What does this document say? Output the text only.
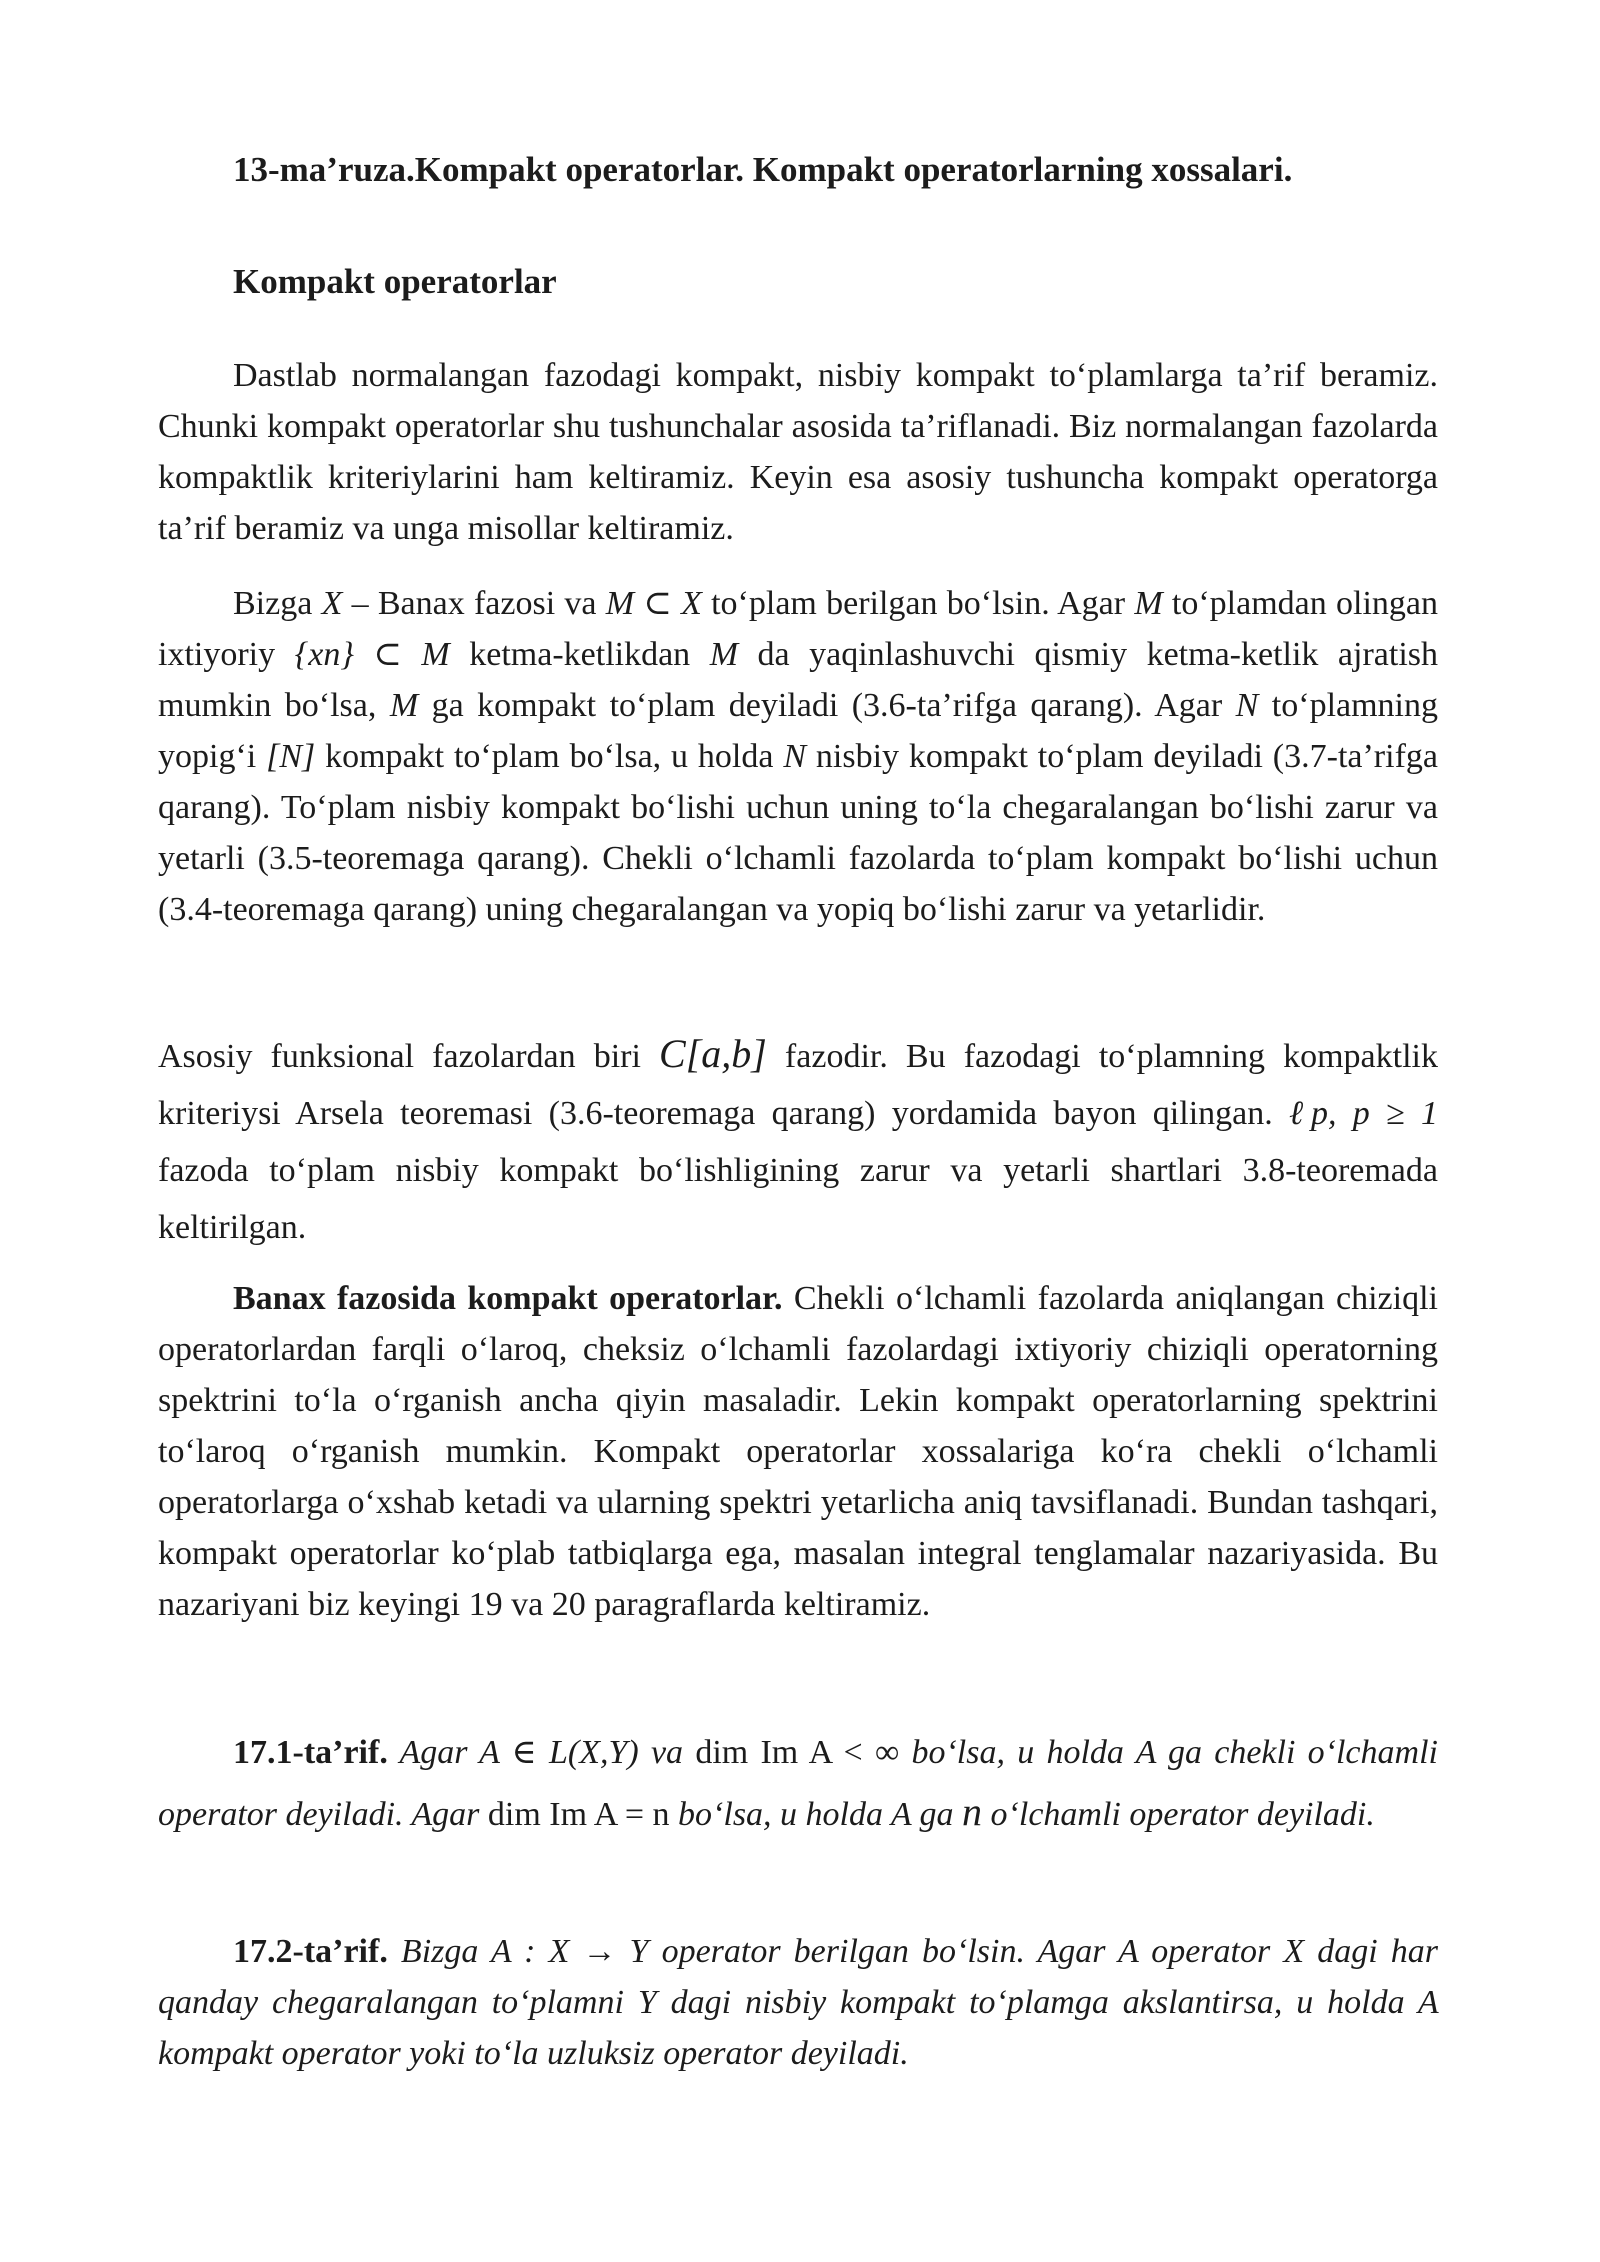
13-ma’ruza.Kompakt operatorlar. Kompakt operatorlarning xossalari.
Kompakt operatorlar

Dastlab normalangan fazodagi kompakt, nisbiy kompakt to‘plamlarga ta’rif beramiz. Chunki kompakt operatorlar shu tushunchalar asosida ta’riflanadi. Biz normalangan fazolarda kompaktlik kriteriylarini ham keltiramiz. Keyin esa asosiy tushuncha kompakt operatorga ta’rif beramiz va unga misollar keltiramiz.

Bizga X – Banax fazosi va M ⊂ X to‘plam berilgan bo‘lsin. Agar M to‘plamdan olingan ixtiyoriy {xn} ⊂ M ketma-ketlikdan M da yaqinlashuvchi qismiy ketma-ketlik ajratish mumkin bo‘lsa, M ga kompakt to‘plam deyiladi (3.6-ta’rifga qarang). Agar N to‘plamning yopig‘i [N] kompakt to‘plam bo‘lsa, u holda N nisbiy kompakt to‘plam deyiladi (3.7-ta’rifga qarang). To‘plam nisbiy kompakt bo‘lishi uchun uning to‘la chegaralangan bo‘lishi zarur va yetarli (3.5-teoremaga qarang). Chekli o‘lchamli fazolarda to‘plam kompakt bo‘lishi uchun (3.4-teoremaga qarang) uning chegaralangan va yopiq bo‘lishi zarur va yetarlidir.

Asosiy funksional fazolardan biri C[a,b] fazodir. Bu fazodagi to‘plamning kompaktlik kriteriysi Arsela teoremasi (3.6-teoremaga qarang) yordamida bayon qilingan. ℓp, p ≥ 1 fazoda to‘plam nisbiy kompakt bo‘lishligining zarur va yetarli shartlari 3.8-teoremada keltirilgan.

Banax fazosida kompakt operatorlar. Chekli o‘lchamli fazolarda aniqlangan chiziqli operatorlardan farqli o‘laroq, cheksiz o‘lchamli fazolardagi ixtiyoriy chiziqli operatorning spektrini to‘la o‘rganish ancha qiyin masaladir. Lekin kompakt operatorlarning spektrini to‘laroq o‘rganish mumkin. Kompakt operatorlar xossalariga ko‘ra chekli o‘lchamli operatorlarga o‘xshab ketadi va ularning spektri yetarlicha aniq tavsiflanadi. Bundan tashqari, kompakt operatorlar ko‘plab tatbiqlarga ega, masalan integral tenglamalar nazariyasida. Bu nazariyani biz keyingi 19 va 20 paragraflarda keltiramiz.

17.1-ta’rif. Agar A ∈ L(X,Y) va dim Im A < ∞ bo‘lsa, u holda A ga chekli o‘lchamli operator deyiladi. Agar dim Im A = n bo‘lsa, u holda A ga n o‘lchamli operator deyiladi.

17.2-ta’rif. Bizga A : X → Y operator berilgan bo‘lsin. Agar A operator X dagi har qanday chegaralangan to‘plamni Y dagi nisbiy kompakt to‘plamga akslantirsa, u holda A kompakt operator yoki to‘la uzluksiz operator deyiladi.
